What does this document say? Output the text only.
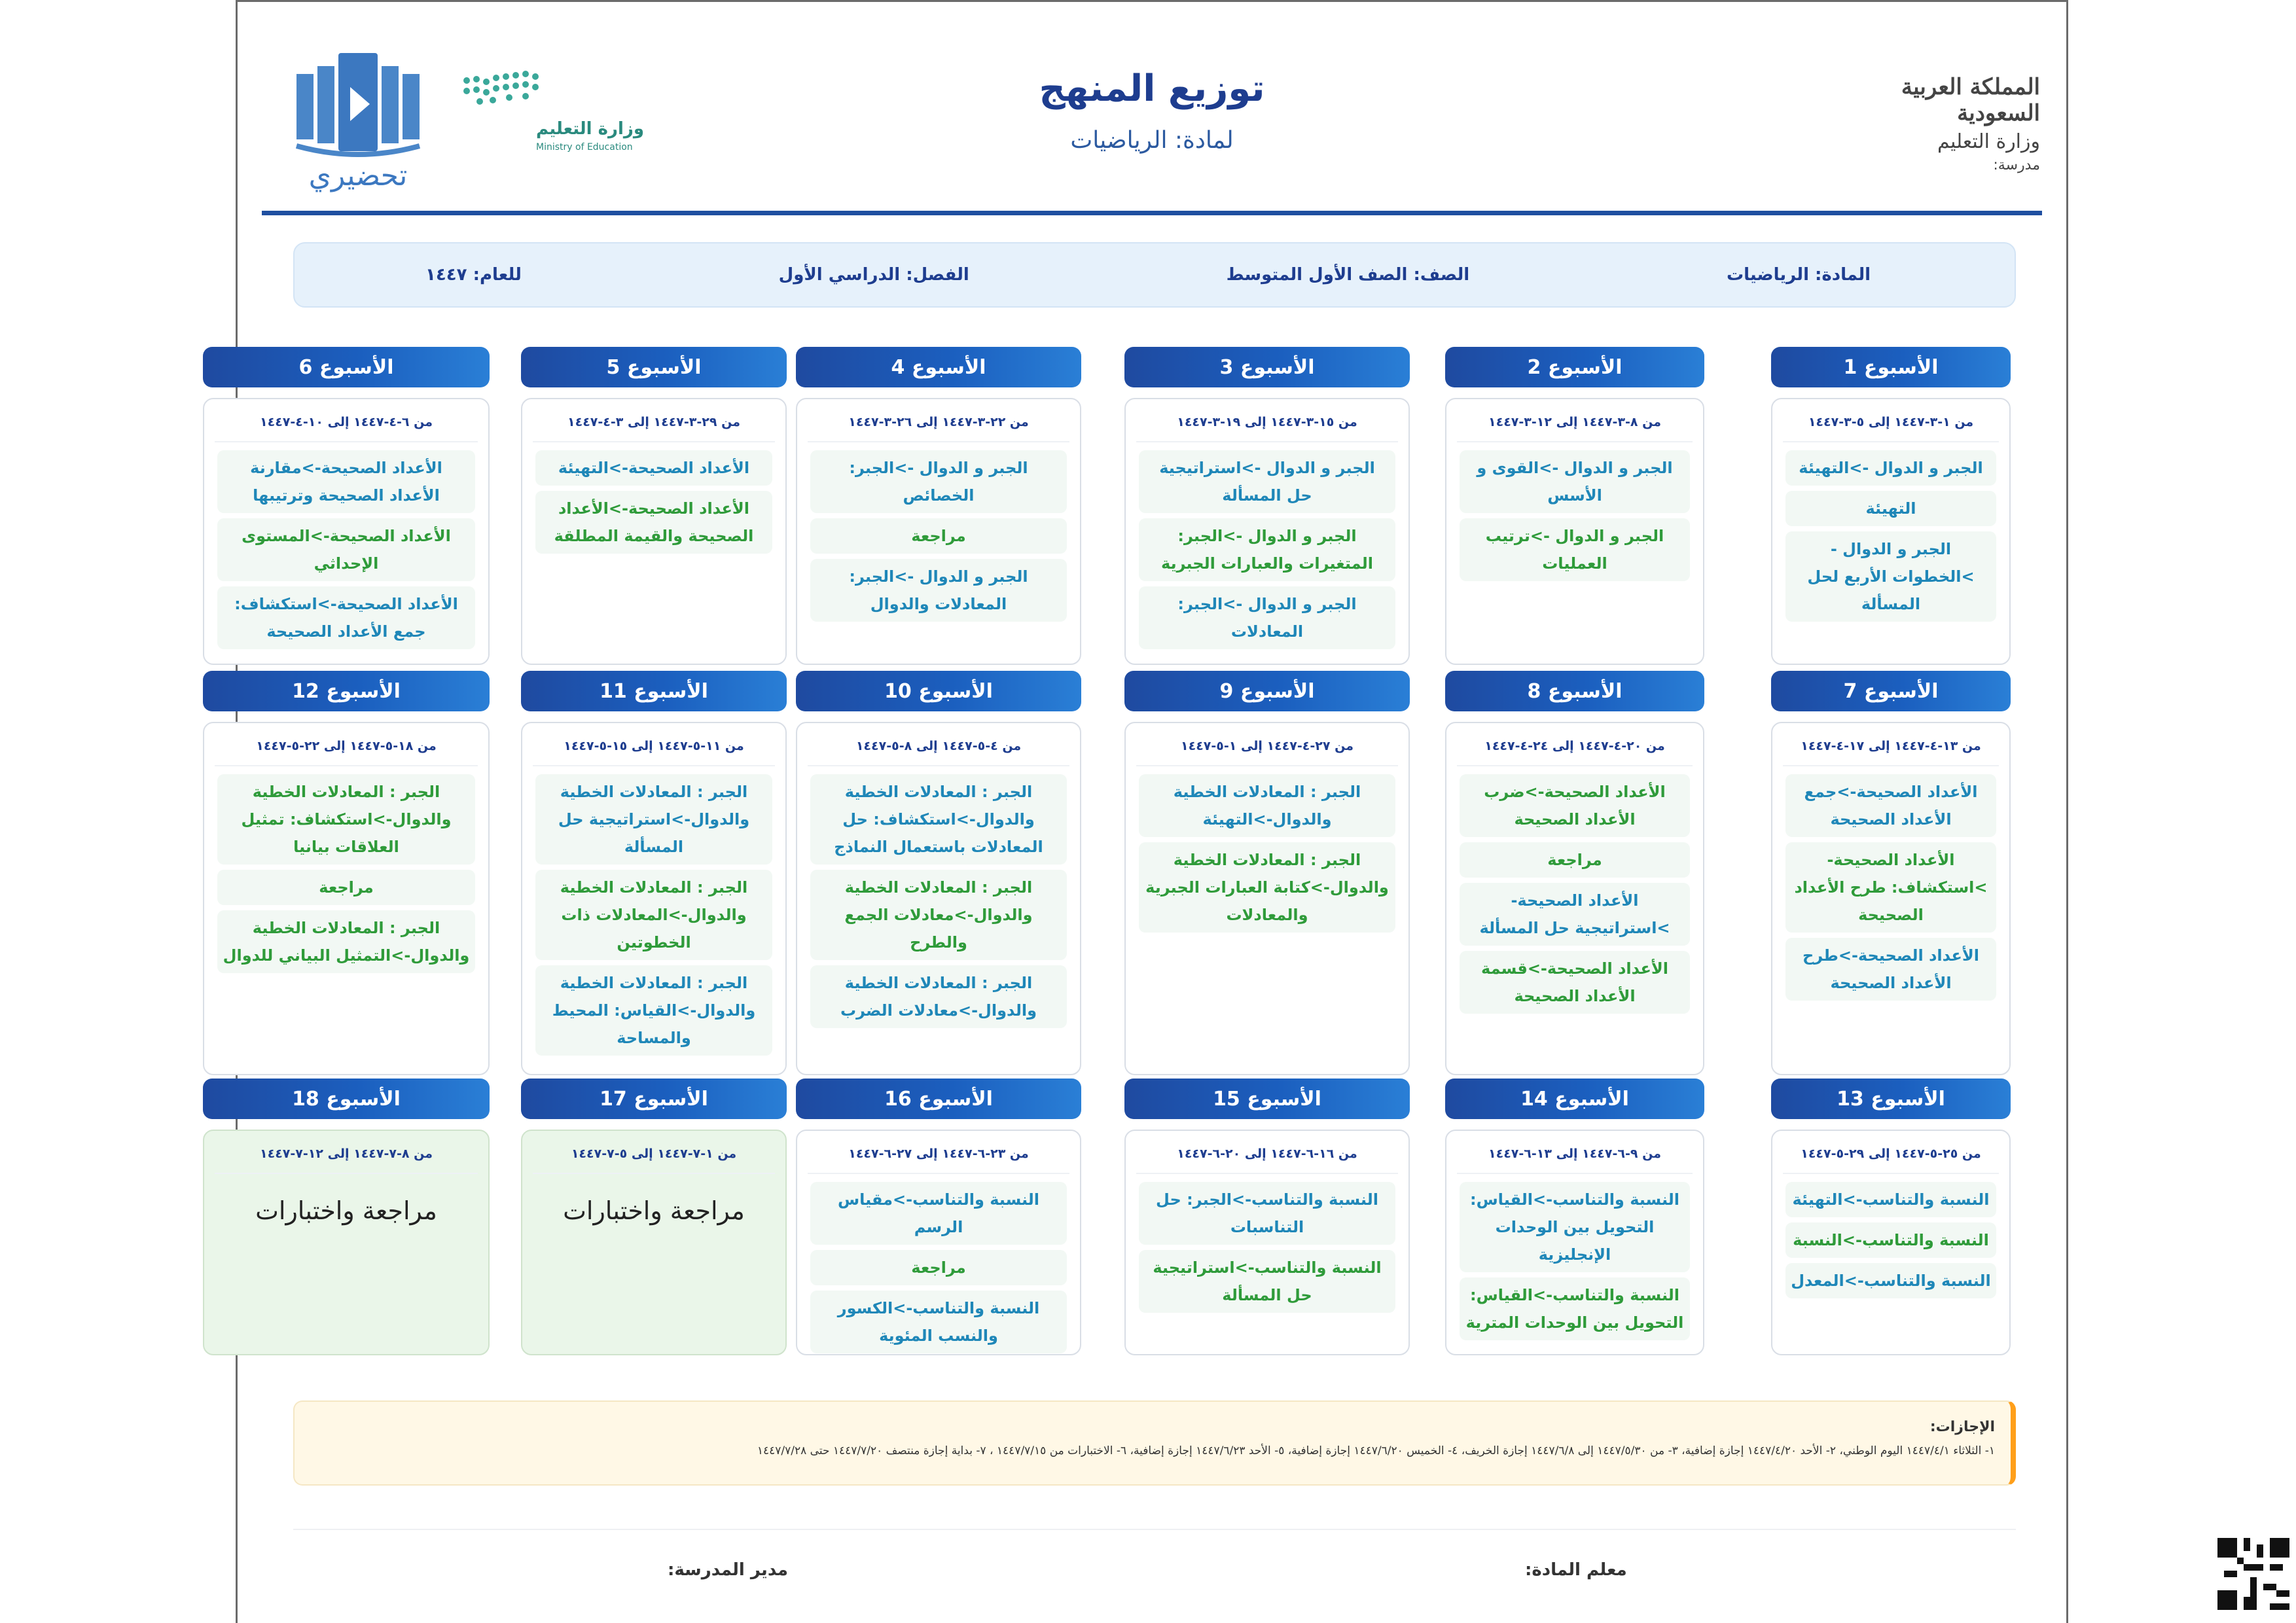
المملكة العربية السعودية
وزارة التعليم
مدرسة:
توزيع المنهج
لمادة: الرياضيات
تحضيري
وزارة التعليم
Ministry of Education
المادة: الرياضيات
الصف: الصف الأول المتوسط
الفصل: الدراسي الأول
للعام: ١٤٤٧
الأسبوع 1
من ١-٣-١٤٤٧ إلى ٥-٣-١٤٤٧
الجبر و الدوال ->التهيئة
التهيئة
الجبر و الدوال ->الخطوات الأربع لحل المسألة
الأسبوع 2
من ٨-٣-١٤٤٧ إلى ١٢-٣-١٤٤٧
الجبر و الدوال ->القوى و الأسس
الجبر و الدوال ->ترتيب العمليات
الأسبوع 3
من ١٥-٣-١٤٤٧ إلى ١٩-٣-١٤٤٧
الجبر و الدوال ->استراتيجية حل المسألة
الجبر و الدوال ->الجبر: المتغيرات والعبارات الجبرية
الجبر و الدوال ->الجبر: المعادلات
الأسبوع 4
من ٢٢-٣-١٤٤٧ إلى ٢٦-٣-١٤٤٧
الجبر و الدوال ->الجبر: الخصائص
مراجعة
الجبر و الدوال ->الجبر: المعادلات والدوال
الأسبوع 5
من ٢٩-٣-١٤٤٧ إلى ٣-٤-١٤٤٧
الأعداد الصحيحة->التهيئة
الأعداد الصحيحة->الأعداد الصحيحة والقيمة المطلقة
الأسبوع 6
من ٦-٤-١٤٤٧ إلى ١٠-٤-١٤٤٧
الأعداد الصحيحة->مقارنة الأعداد الصحيحة وترتيبها
الأعداد الصحيحة->المستوى الإحداثي
الأعداد الصحيحة->استكشاف: جمع الأعداد الصحيحة
الأسبوع 7
من ١٣-٤-١٤٤٧ إلى ١٧-٤-١٤٤٧
الأعداد الصحيحة->جمع الأعداد الصحيحة
الأعداد الصحيحة->استكشاف: طرح الأعداد الصحيحة
الأعداد الصحيحة->طرح الأعداد الصحيحة
الأسبوع 8
من ٢٠-٤-١٤٤٧ إلى ٢٤-٤-١٤٤٧
الأعداد الصحيحة->ضرب الأعداد الصحيحة
مراجعة
الأعداد الصحيحة->استراتيجية حل المسألة
الأعداد الصحيحة->قسمة الأعداد الصحيحة
الأسبوع 9
من ٢٧-٤-١٤٤٧ إلى ١-٥-١٤٤٧
الجبر : المعادلات الخطية والدوال->التهيئة
الجبر : المعادلات الخطية والدوال->كتابة العبارات الجبرية والمعادلات
الأسبوع 10
من ٤-٥-١٤٤٧ إلى ٨-٥-١٤٤٧
الجبر : المعادلات الخطية والدوال->استكشاف: حل المعادلات باستعمال النماذج
الجبر : المعادلات الخطية والدوال->معادلات الجمع والطرح
الجبر : المعادلات الخطية والدوال->معادلات الضرب
الأسبوع 11
من ١١-٥-١٤٤٧ إلى ١٥-٥-١٤٤٧
الجبر : المعادلات الخطية والدوال->استراتيجية حل المسألة
الجبر : المعادلات الخطية والدوال->المعادلات ذات الخطوتين
الجبر : المعادلات الخطية والدوال->القياس: المحيط والمساحة
الأسبوع 12
من ١٨-٥-١٤٤٧ إلى ٢٢-٥-١٤٤٧
الجبر : المعادلات الخطية والدوال->استكشاف: تمثيل العلاقات بيانيا
مراجعة
الجبر : المعادلات الخطية والدوال->التمثيل البياني للدوال
الأسبوع 13
من ٢٥-٥-١٤٤٧ إلى ٢٩-٥-١٤٤٧
النسبة والتناسب->التهيئة
النسبة والتناسب->النسبة
النسبة والتناسب->المعدل
الأسبوع 14
من ٩-٦-١٤٤٧ إلى ١٣-٦-١٤٤٧
النسبة والتناسب->القياس: التحويل بين الوحدات الإنجليزية
النسبة والتناسب->القياس: التحويل بين الوحدات المترية
الأسبوع 15
من ١٦-٦-١٤٤٧ إلى ٢٠-٦-١٤٤٧
النسبة والتناسب->الجبر: حل التناسبات
النسبة والتناسب->استراتيجية حل المسألة
الأسبوع 16
من ٢٣-٦-١٤٤٧ إلى ٢٧-٦-١٤٤٧
النسبة والتناسب->مقياس الرسم
مراجعة
النسبة والتناسب->الكسور والنسب المئوية
الأسبوع 17
من ١-٧-١٤٤٧ إلى ٥-٧-١٤٤٧
مراجعة واختبارات
الأسبوع 18
من ٨-٧-١٤٤٧ إلى ١٢-٧-١٤٤٧
مراجعة واختبارات
الإجازات:
١- الثلاثاء ١٤٤٧/٤/١ اليوم الوطني، ٢- الأحد ١٤٤٧/٤/٢٠ إجازة إضافية، ٣- من ١٤٤٧/٥/٣٠ إلى ١٤٤٧/٦/٨ إجازة الخريف، ٤- الخميس ١٤٤٧/٦/٢٠ إجازة إضافية، ٥- الأحد ١٤٤٧/٦/٢٣ إجازة إضافية، ٦- الاختبارات من ١٤٤٧/٧/١٥ ، ٧- بداية إجازة منتصف ١٤٤٧/٧/٢٠ حتى ١٤٤٧/٧/٢٨
معلم المادة:
مدير المدرسة:
